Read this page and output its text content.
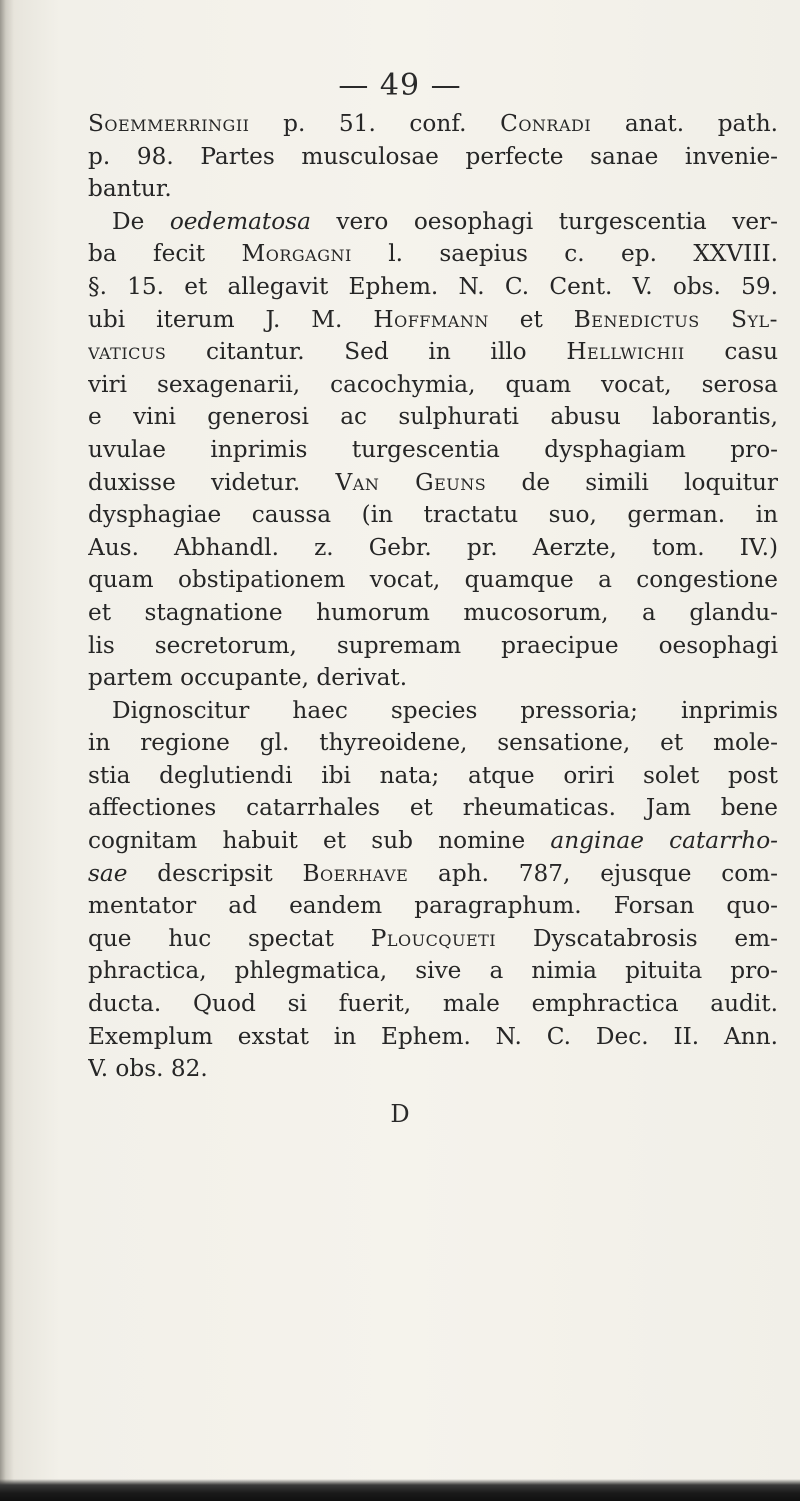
— 49 —
Soemmerringii p. 51. conf. Conradi anat. path.
p. 98. Partes musculosae perfecte sanae invenie-
bantur.
De oedematosa vero oesophagi turgescentia ver-
ba fecit Morgagni l. saepius c. ep. XXVIII.
§. 15. et allegavit Ephem. N. C. Cent. V. obs. 59.
ubi iterum J. M. Hoffmann et Benedictus Syl-
vaticus citantur. Sed in illo Hellwichii casu
viri sexagenarii, cacochymia, quam vocat, serosa
e vini generosi ac sulphurati abusu laborantis,
uvulae inprimis turgescentia dysphagiam pro-
duxisse videtur. Van Geuns de simili loquitur
dysphagiae caussa (in tractatu suo, german. in
Aus. Abhandl. z. Gebr. pr. Aerzte, tom. IV.)
quam obstipationem vocat, quamque a congestione
et stagnatione humorum mucosorum, a glandu-
lis secretorum, supremam praecipue oesophagi
partem occupante, derivat.
Dignoscitur haec species pressoria; inprimis
in regione gl. thyreoidene, sensatione, et mole-
stia deglutiendi ibi nata; atque oriri solet post
affectiones catarrhales et rheumaticas. Jam bene
cognitam habuit et sub nomine anginae catarrho-
sae descripsit Boerhave aph. 787, ejusque com-
mentator ad eandem paragraphum. Forsan quo-
que huc spectat Ploucqueti Dyscatabrosis em-
phractica, phlegmatica, sive a nimia pituita pro-
ducta. Quod si fuerit, male emphractica audit.
Exemplum exstat in Ephem. N. C. Dec. II. Ann.
V. obs. 82.
D
